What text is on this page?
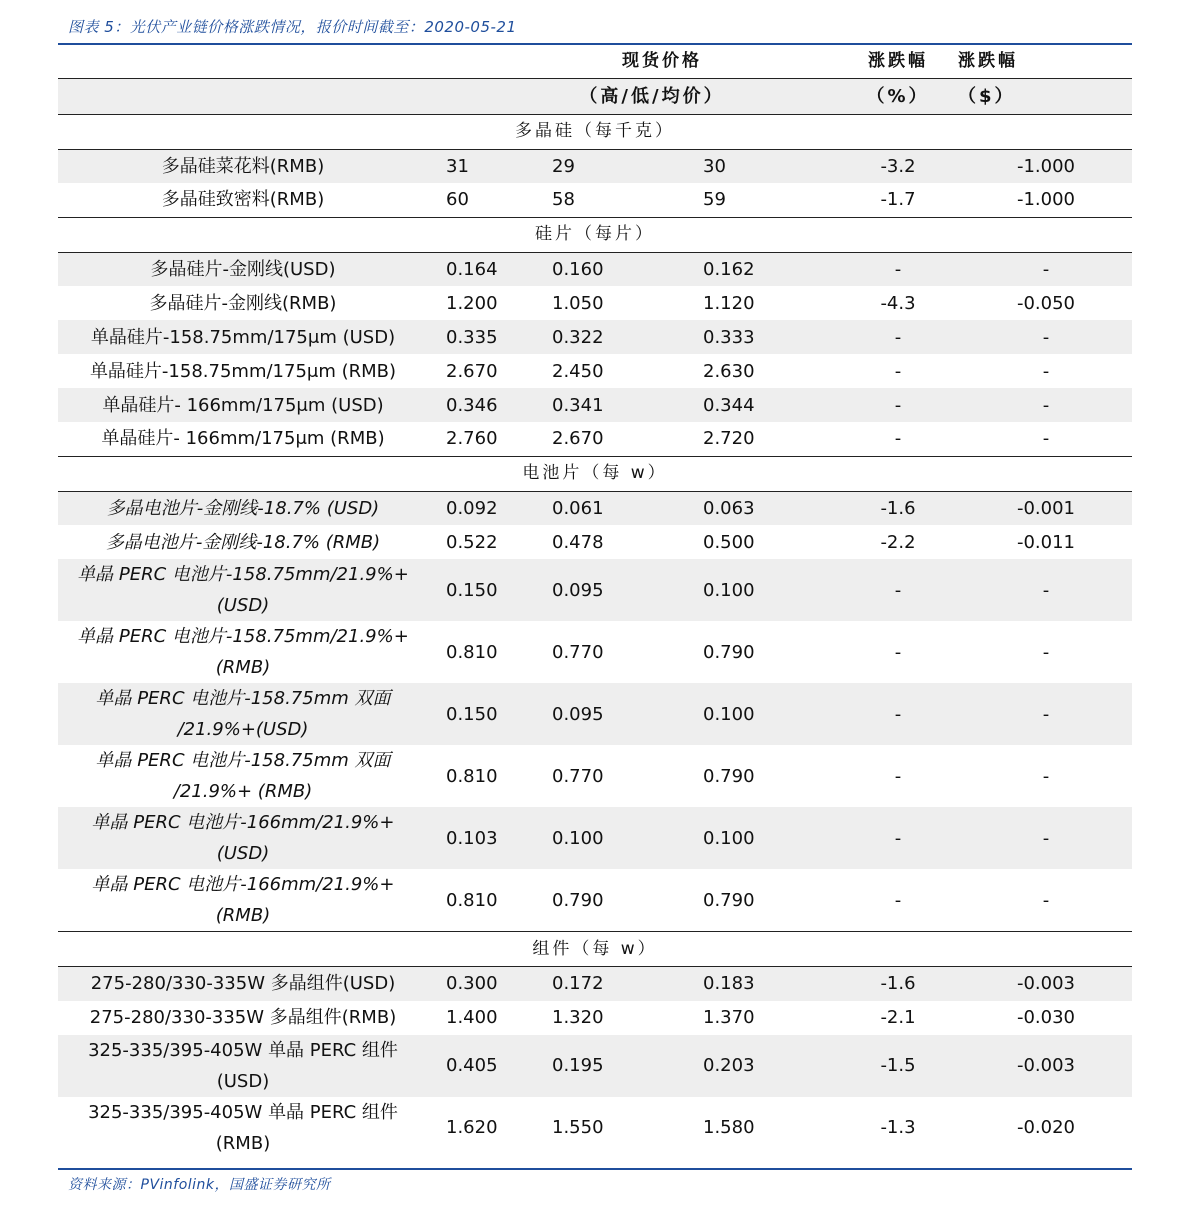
图表 5：光伏产业链价格涨跌情况，报价时间截至：2020-05-21
	现货价格			涨跌幅	涨跌幅
	（高/低/均价）			（%）	（$）
多晶硅（每千克）					

多晶硅菜花料(RMB)	31	29	30	-3.2	-1.000

多晶硅致密料(RMB)	60	58	59	-1.7	-1.000
硅片（每片）					

多晶硅片-金刚线(USD)	0.164	0.160	0.162	-	-

多晶硅片-金刚线(RMB)	1.200	1.050	1.120	-4.3	-0.050

单晶硅片-158.75mm/175μm (USD)	0.335	0.322	0.333	-	-

单晶硅片-158.75mm/175μm (RMB)	2.670	2.450	2.630	-	-

单晶硅片- 166mm/175μm (USD)	0.346	0.341	0.344	-	-

单晶硅片- 166mm/175μm (RMB)	2.760	2.670	2.720	-	-
电池片（每 w）					

多晶电池片-金刚线-18.7% (USD)	0.092	0.061	0.063	-1.6	-0.001

多晶电池片-金刚线-18.7% (RMB)	0.522	0.478	0.500	-2.2	-0.011

单晶 PERC 电池片-158.75mm/21.9%+
(USD)	0.150	0.095	0.100	-	-

单晶 PERC 电池片-158.75mm/21.9%+
(RMB)	0.810	0.770	0.790	-	-

单晶 PERC 电池片-158.75mm 双面
/21.9%+(USD)	0.150	0.095	0.100	-	-

单晶 PERC 电池片-158.75mm 双面
/21.9%+ (RMB)	0.810	0.770	0.790	-	-

单晶 PERC 电池片-166mm/21.9%+
(USD)	0.103	0.100	0.100	-	-

单晶 PERC 电池片-166mm/21.9%+
(RMB)	0.810	0.790	0.790	-	-
组件（每 w）					

275-280/330-335W 多晶组件(USD)	0.300	0.172	0.183	-1.6	-0.003

275-280/330-335W 多晶组件(RMB)	1.400	1.320	1.370	-2.1	-0.030

325-335/395-405W 单晶 PERC 组件
(USD)	0.405	0.195	0.203	-1.5	-0.003

325-335/395-405W 单晶 PERC 组件
(RMB)	1.620	1.550	1.580	-1.3	-0.020
资料来源：PVinfolink，国盛证券研究所
